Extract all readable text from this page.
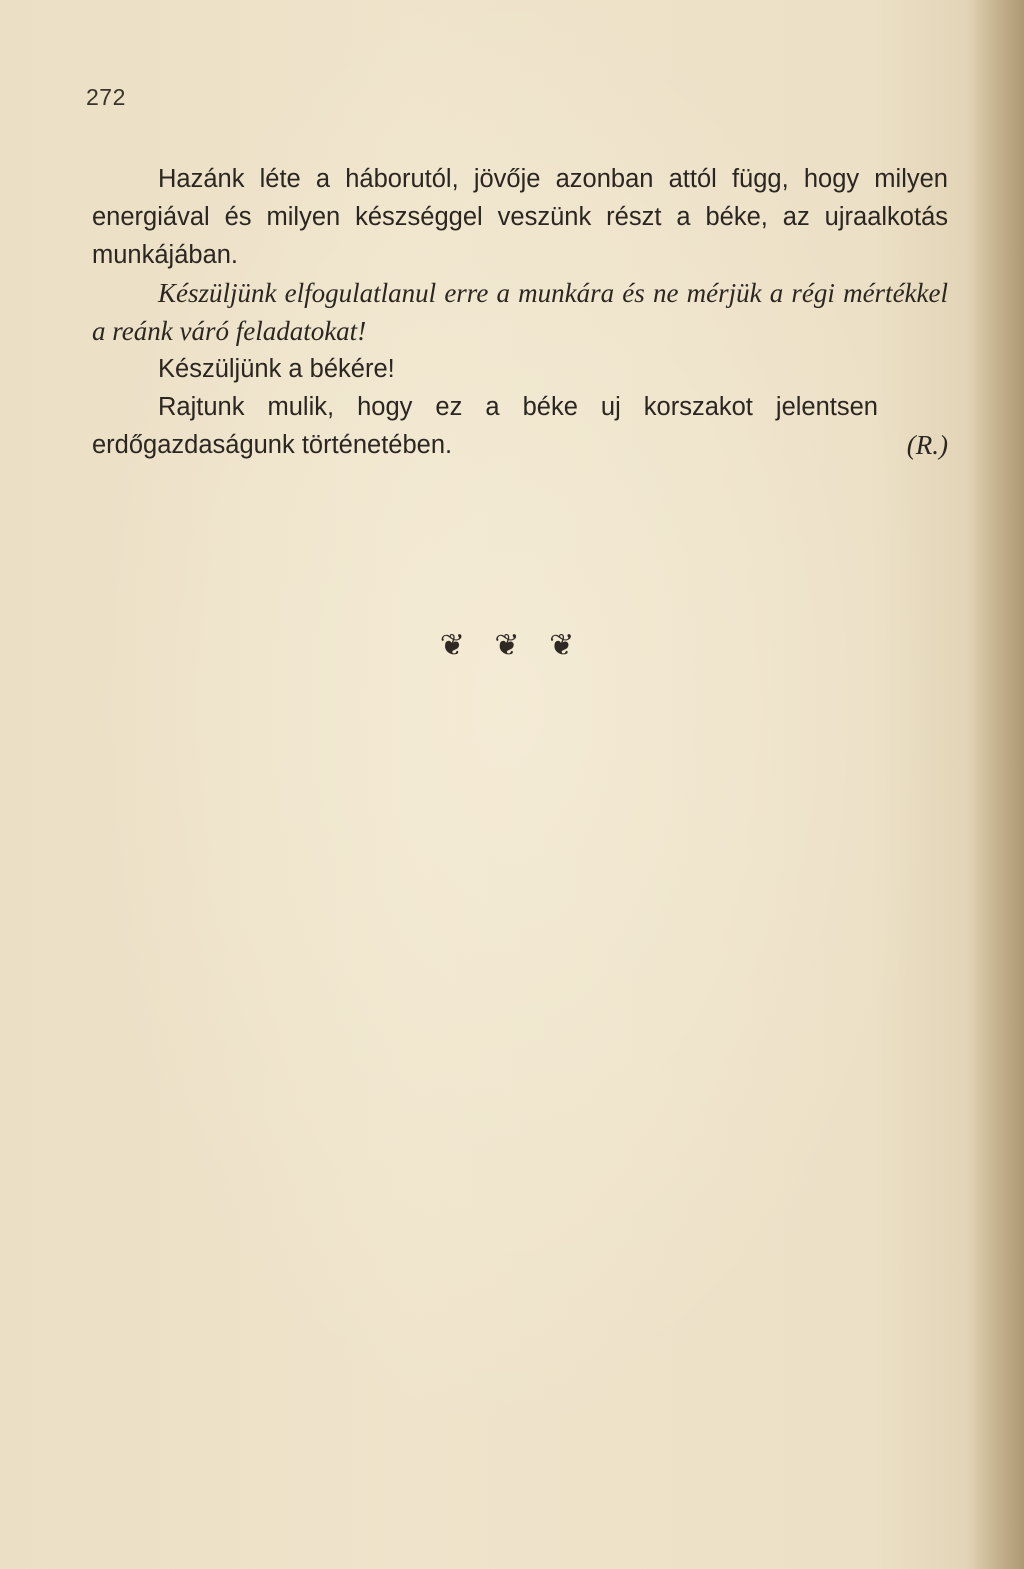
272

Hazánk léte a háborutól, jövője azonban attól függ, hogy milyen energiával és milyen készséggel veszünk részt a béke, az ujraalkotás munkájában.

Készüljünk elfogulatlanul erre a munkára és ne mérjük a régi mértékkel a reánk váró feladatokat!

Készüljünk a békére!

Rajtunk mulik, hogy ez a béke uj korszakot jelentsen erdőgazdaságunk történetében.	(R.)
❦ ❦ ❦
